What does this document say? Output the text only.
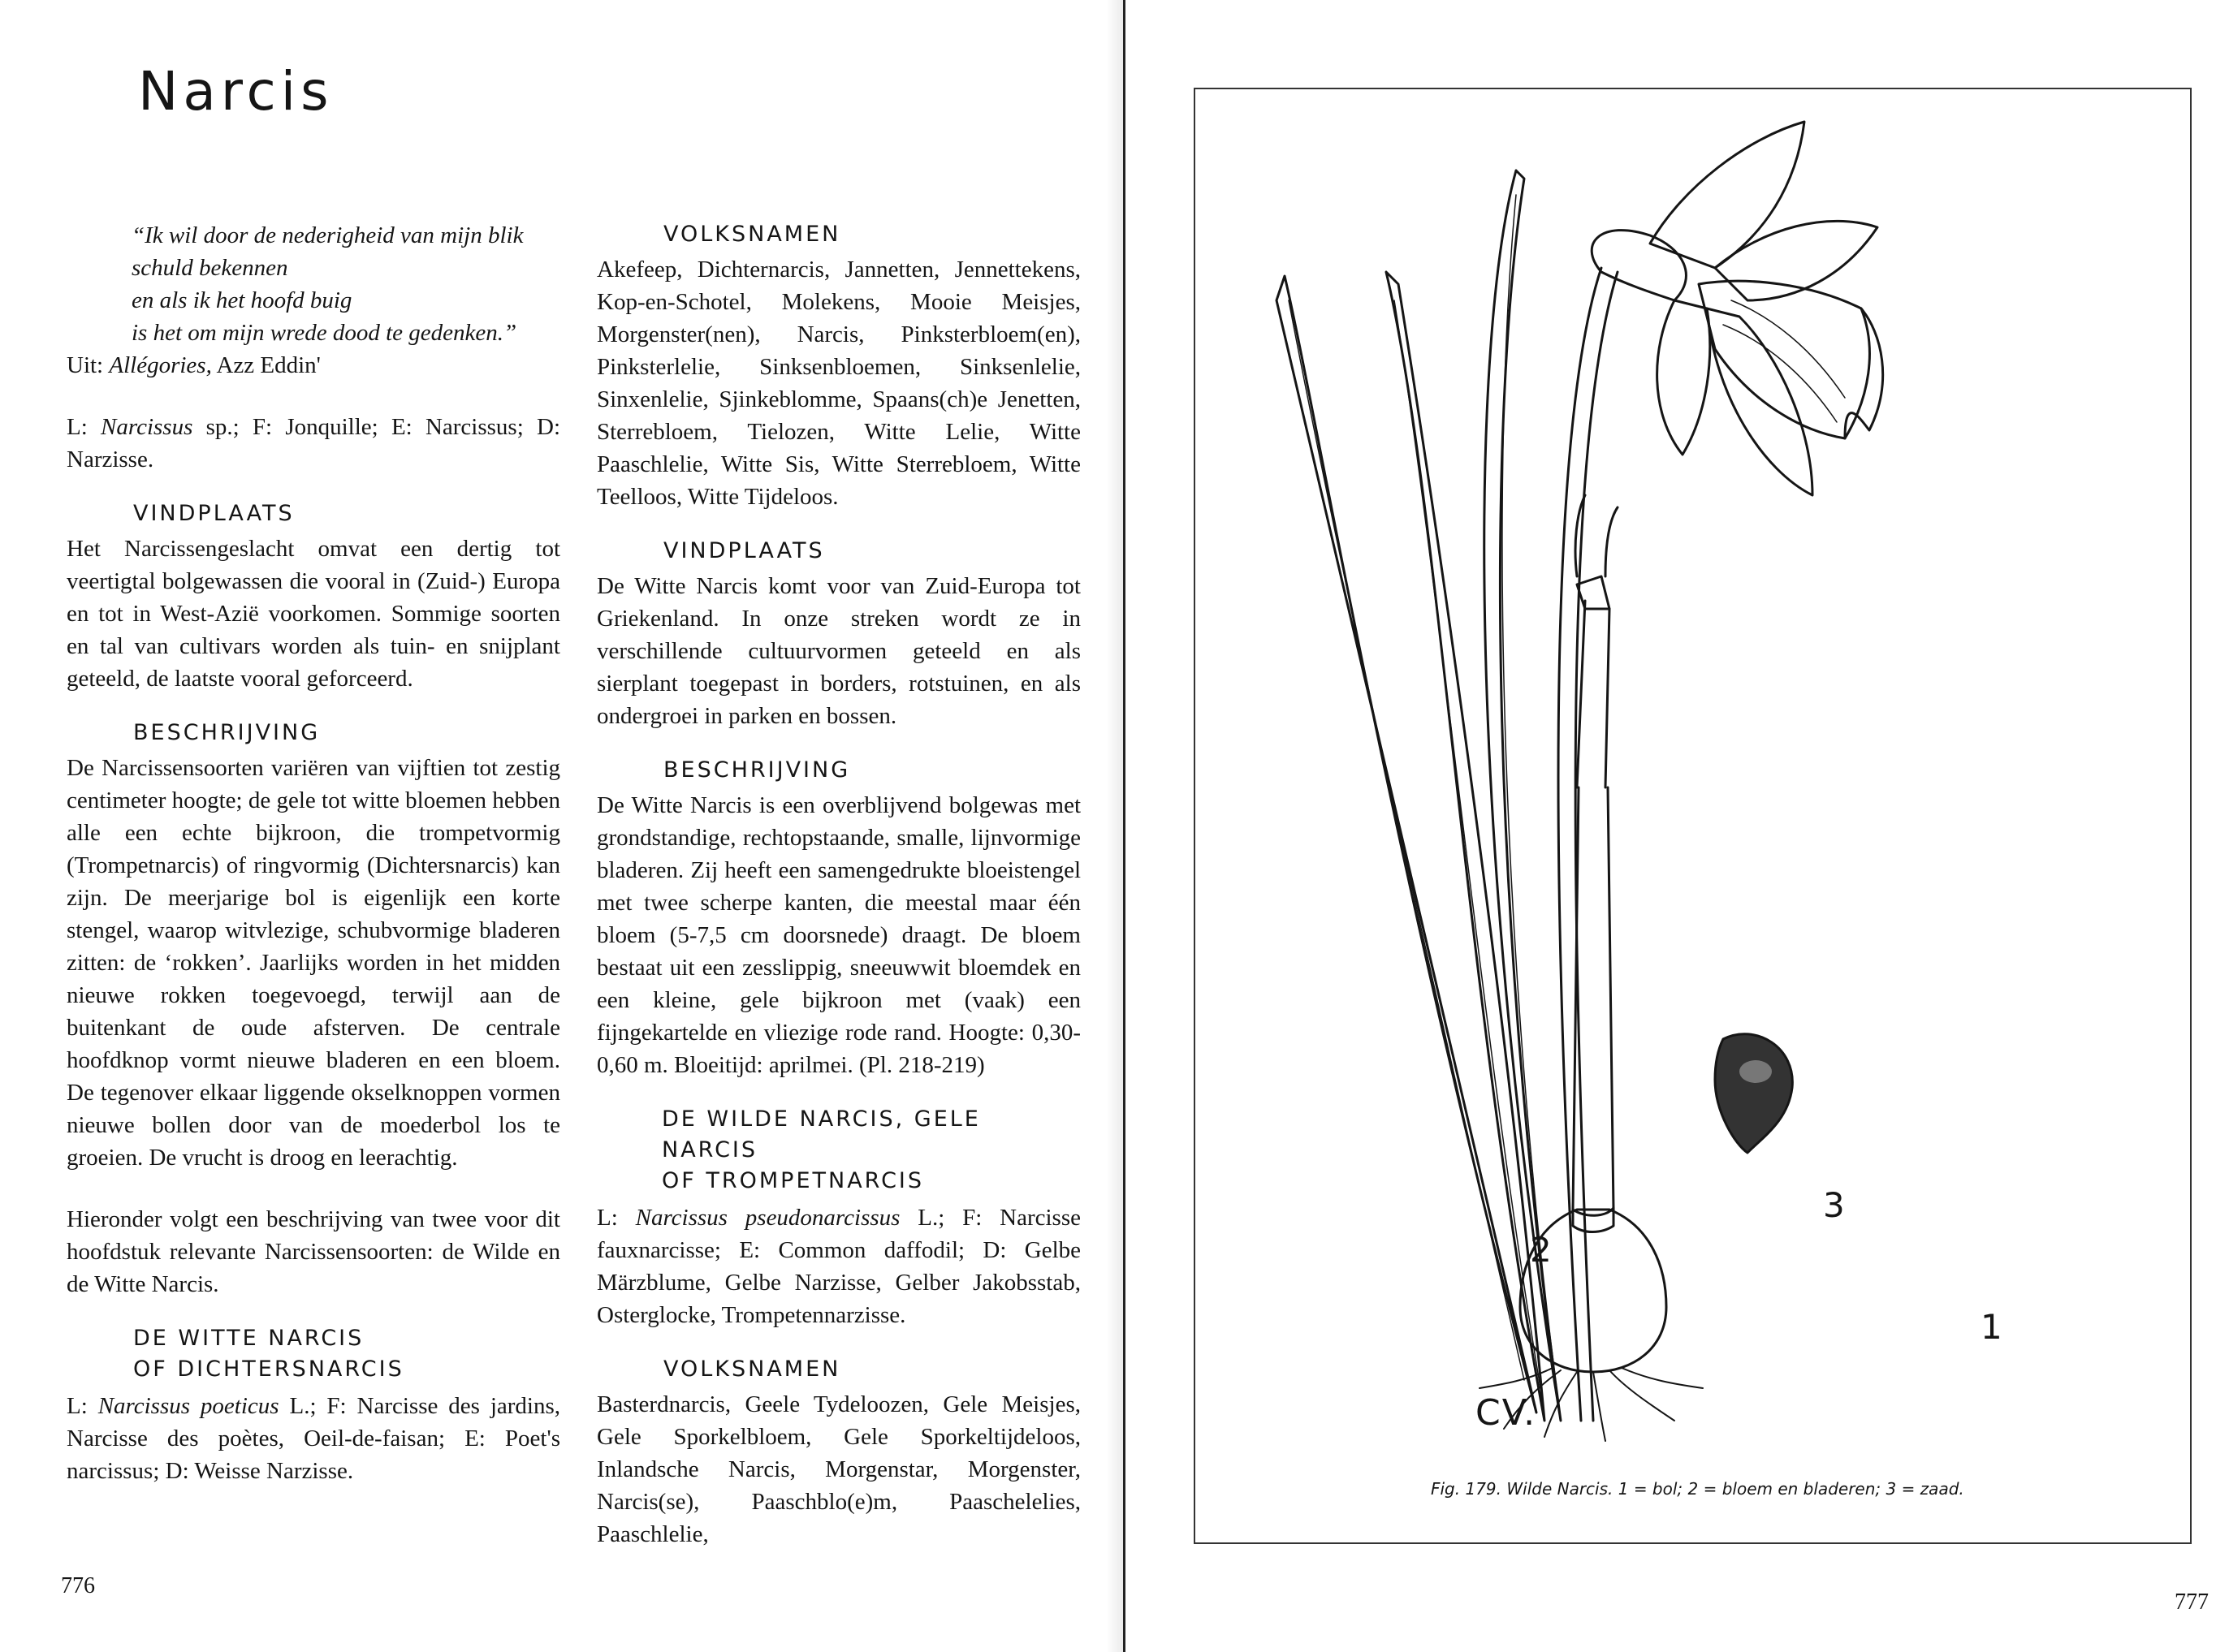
Narcis
“Ik wil door de nederigheid van mijn blik
schuld bekennen
en als ik het hoofd buig
is het om mijn wrede dood te gedenken.”

Uit: Allégories, Azz Eddin'

L: Narcissus sp.; F: Jonquille; E: Narcissus; D: Narzisse.

VINDPLAATS

Het Narcissengeslacht omvat een dertig tot veertigtal bolgewassen die vooral in (Zuid-) Europa en tot in West-Azië voorkomen. Sommige soorten en tal van cultivars worden als tuin- en snijplant geteeld, de laatste vooral geforceerd.

BESCHRIJVING

De Narcissensoorten variëren van vijftien tot zestig centimeter hoogte; de gele tot witte bloemen hebben alle een echte bijkroon, die trompetvormig (Trompetnarcis) of ringvormig (Dichtersnarcis) kan zijn. De meerjarige bol is eigenlijk een korte stengel, waarop witvlezige, schubvormige bladeren zitten: de ‘rokken’. Jaarlijks worden in het midden nieuwe rokken toegevoegd, terwijl aan de buitenkant de oude afsterven. De centrale hoofdknop vormt nieuwe bladeren en een bloem. De tegenover elkaar liggende okselknoppen vormen nieuwe bollen door van de moederbol los te groeien. De vrucht is droog en leerachtig.

Hieronder volgt een beschrijving van twee voor dit hoofdstuk relevante Narcissensoorten: de Wilde en de Witte Narcis.

DE WITTE NARCIS
OF DICHTERSNARCIS

L: Narcissus poeticus L.; F: Narcisse des jardins, Narcisse des poètes, Oeil-de-faisan; E: Poet's narcissus; D: Weisse Narzisse.

VOLKSNAMEN

Akefeep, Dichternarcis, Jannetten, Jennettekens, Kop-en-Schotel, Molekens, Mooie Meisjes, Morgenster(nen), Narcis, Pinksterbloem(en), Pinksterlelie, Sinksenbloemen, Sinksenlelie, Sinxenlelie, Sjinkeblomme, Spaans(ch)e Jenetten, Sterrebloem, Tielozen, Witte Lelie, Witte Paaschlelie, Witte Sis, Witte Sterrebloem, Witte Teelloos, Witte Tijdeloos.

VINDPLAATS

De Witte Narcis komt voor van Zuid-Europa tot Griekenland. In onze streken wordt ze in verschillende cultuurvormen geteeld en als sierplant toegepast in borders, rotstuinen, en als ondergroei in parken en bossen.

BESCHRIJVING

De Witte Narcis is een overblijvend bolgewas met grondstandige, rechtopstaande, smalle, lijnvormige bladeren. Zij heeft een samengedrukte bloeistengel met twee scherpe kanten, die meestal maar één bloem (5-7,5 cm doorsnede) draagt. De bloem bestaat uit een zesslippig, sneeuwwit bloemdek en een kleine, gele bijkroon met (vaak) een fijngekartelde en vliezige rode rand. Hoogte: 0,30-0,60 m. Bloeitijd: aprilmei. (Pl. 218-219)

DE WILDE NARCIS, GELE NARCIS
OF TROMPETNARCIS

L: Narcissus pseudonarcissus L.; F: Narcisse fauxnarcisse; E: Common daffodil; D: Gelbe Märzblume, Gelbe Narzisse, Gelber Jakobsstab, Osterglocke, Trompetennarzisse.

VOLKSNAMEN

Basterdnarcis, Geele Tydeloozen, Gele Meisjes, Gele Sporkelbloem, Gele Sporkeltijdeloos, Inlandsche Narcis, Morgenstar, Morgenster, Narcis(se), Paaschblo(e)m, Paaschelelies, Paaschlelie,

776
1
2
3
CV.
Fig. 179. Wilde Narcis. 1 = bol; 2 = bloem en bladeren; 3 = zaad.
777
